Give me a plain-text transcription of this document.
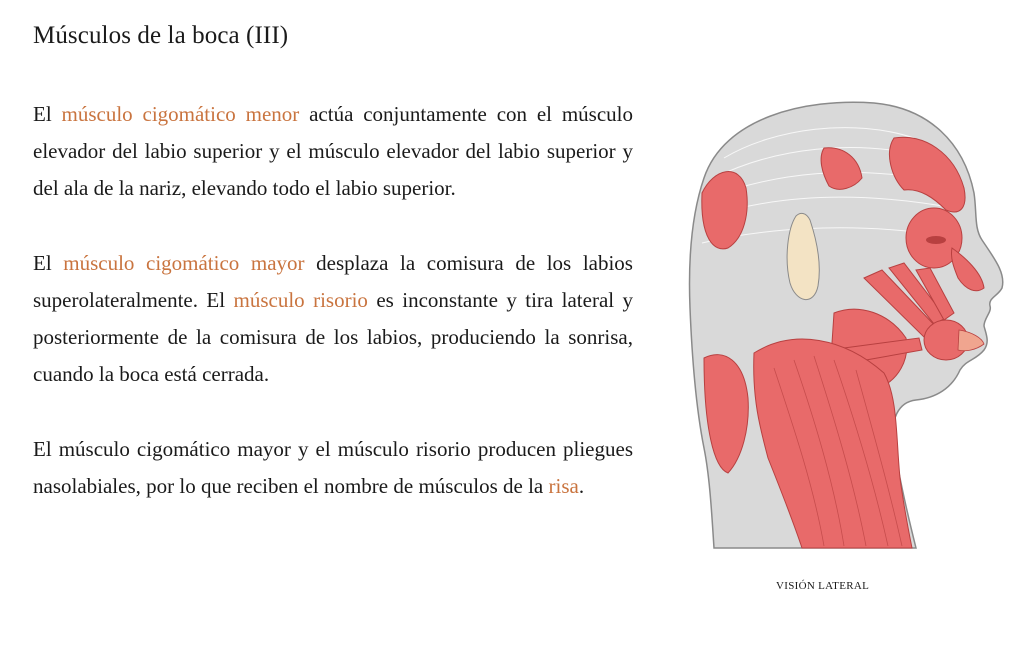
Músculos de la boca (III)

El músculo cigomático menor actúa conjuntamente con el músculo elevador del labio superior y el músculo elevador del labio superior y del ala de la nariz, elevando todo el labio superior.

El músculo cigomático mayor desplaza la comisura de los labios superolateralmente. El músculo risorio es inconstante y tira lateral y posteriormente de la comisura de los labios, produciendo la sonrisa, cuando la boca está cerrada.

El músculo cigomático mayor y el músculo risorio producen pliegues nasolabiales, por lo que reciben el nombre de músculos de la risa.

VISIÓN LATERAL
